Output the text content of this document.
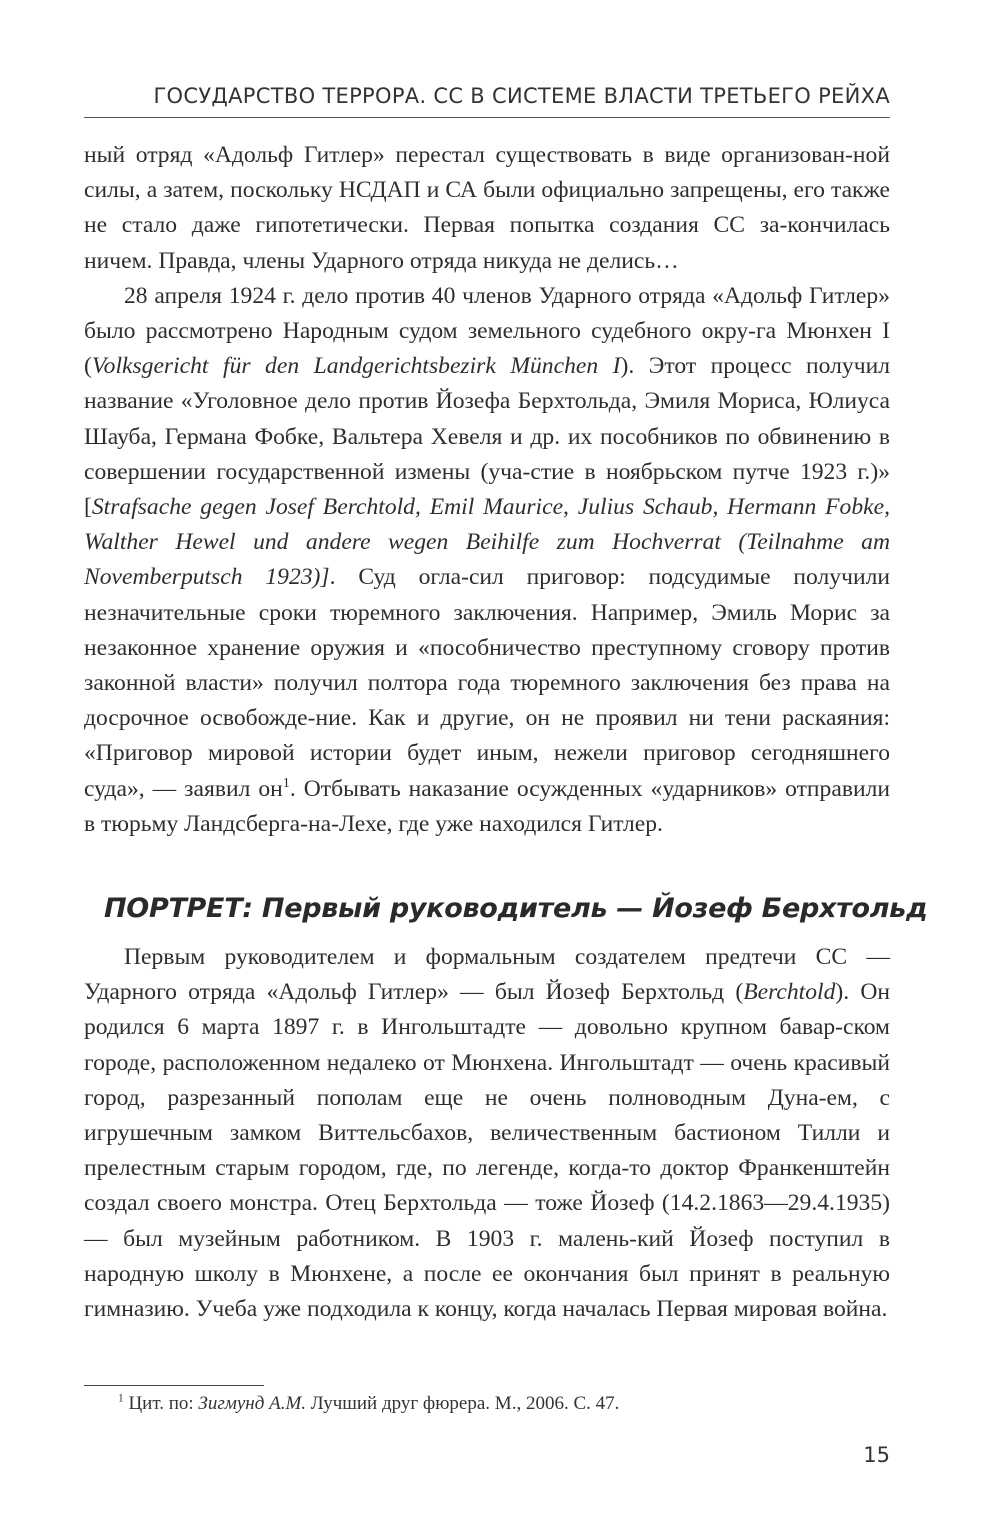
ГОСУДАРСТВО ТЕРРОРА. СС В СИСТЕМЕ ВЛАСТИ ТРЕТЬЕГО РЕЙХА

ный отряд «Адольф Гитлер» перестал существовать в виде организован-ной силы, а затем, поскольку НСДАП и СА были официально запрещены, его также не стало даже гипотетически. Первая попытка создания СС за-кончилась ничем. Правда, члены Ударного отряда никуда не делись…

28 апреля 1924 г. дело против 40 членов Ударного отряда «Адольф Гитлер» было рассмотрено Народным судом земельного судебного окру-га Мюнхен I (Volksgericht für den Landgerichtsbezirk München I). Этот процесс получил название «Уголовное дело против Йозефа Берхтольда, Эмиля Мориса, Юлиуса Шауба, Германа Фобке, Вальтера Хевеля и др. их пособников по обвинению в совершении государственной измены (уча-стие в ноябрьском путче 1923 г.)» [Strafsache gegen Josef Berchtold, Emil Maurice, Julius Schaub, Hermann Fobke, Walther Hewel und andere wegen Beihilfe zum Hochverrat (Teilnahme am Novemberputsch 1923)]. Суд огла-сил приговор: подсудимые получили незначительные сроки тюремного заключения. Например, Эмиль Морис за незаконное хранение оружия и «пособничество преступному сговору против законной власти» получил полтора года тюремного заключения без права на досрочное освобожде-ние. Как и другие, он не проявил ни тени раскаяния: «Приговор мировой истории будет иным, нежели приговор сегодняшнего суда», — заявил $он^1$. Отбывать наказание осужденных «ударников» отправили в тюрьму Ландсберга-на-Лехе, где уже находился Гитлер.

ПОРТРЕТ: Первый руководитель — Йозеф Берхтольд

Первым руководителем и формальным создателем предтечи СС — Ударного отряда «Адольф Гитлер» — был Йозеф Берхтольд (Berchtold). Он родился 6 марта 1897 г. в Ингольштадте — довольно крупном бавар-ском городе, расположенном недалеко от Мюнхена. Ингольштадт — очень красивый город, разрезанный пополам еще не очень полноводным Дуна-ем, с игрушечным замком Виттельсбахов, величественным бастионом Тилли и прелестным старым городом, где, по легенде, когда-то доктор Франкенштейн создал своего монстра. Отец Берхтольда — тоже Йозеф (14.2.1863—29.4.1935) — был музейным работником. В 1903 г. малень-кий Йозеф поступил в народную школу в Мюнхене, а после ее окончания был принят в реальную гимназию. Учеба уже подходила к концу, когда началась Первая мировая война.

$^1$ Цит. по: Зигмунд А.М. Лучший друг фюрера. М., 2006. С. 47.
15
